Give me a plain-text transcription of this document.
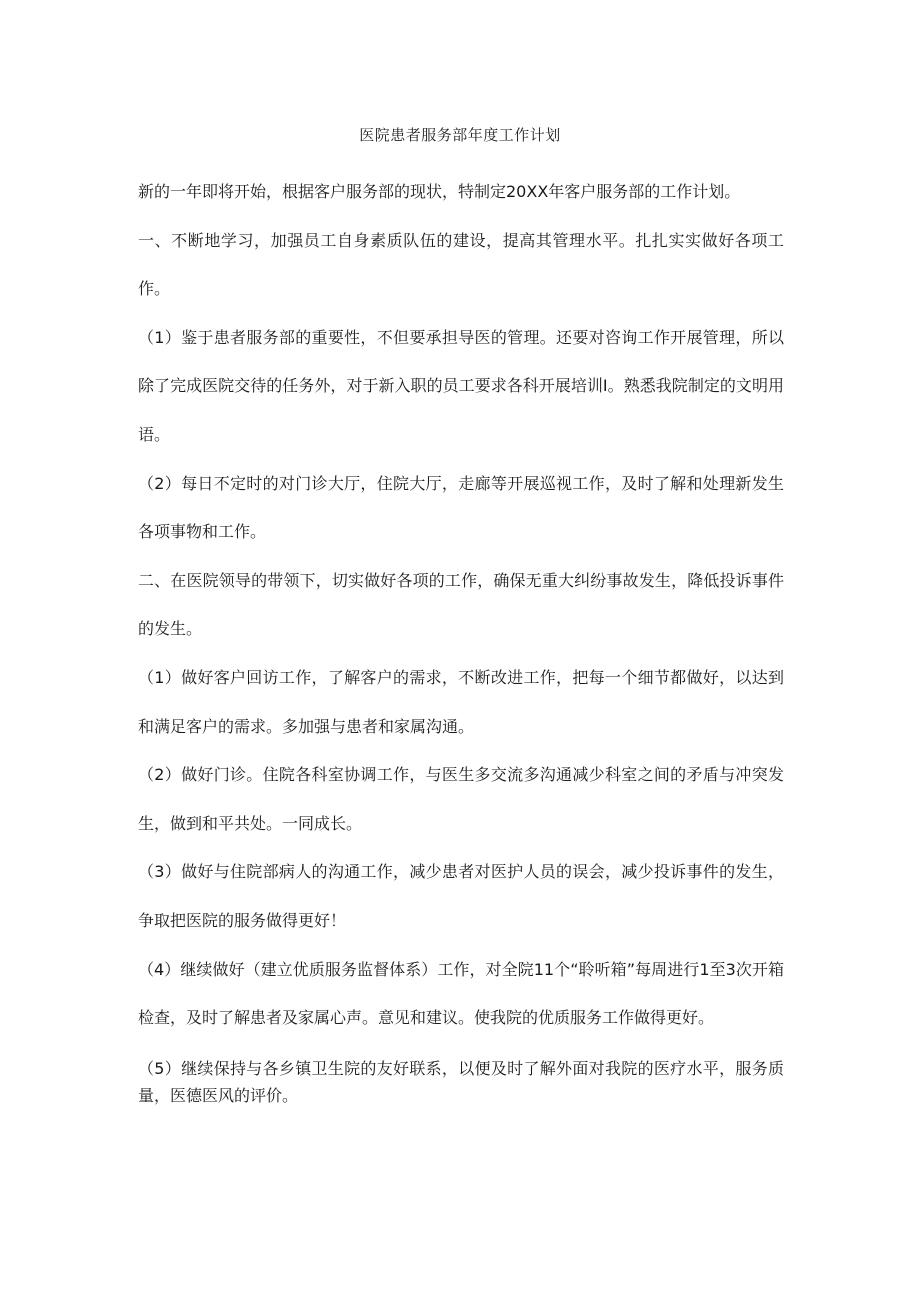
医院患者服务部年度工作计划

新的一年即将开始，根据客户服务部的现状，特制定20XX年客户服务部的工作计划。

一、不断地学习，加强员工自身素质队伍的建设，提高其管理水平。扎扎实实做好各项工作。

（1）鉴于患者服务部的重要性，不但要承担导医的管理。还要对咨询工作开展管理，所以除了完成医院交待的任务外，对于新入职的员工要求各科开展培训I。熟悉我院制定的文明用语。

（2）每日不定时的对门诊大厅，住院大厅，走廊等开展巡视工作，及时了解和处理新发生各项事物和工作。

二、在医院领导的带领下，切实做好各项的工作，确保无重大纠纷事故发生，降低投诉事件的发生。

（1）做好客户回访工作，了解客户的需求，不断改进工作，把每一个细节都做好，以达到和满足客户的需求。多加强与患者和家属沟通。

（2）做好门诊。住院各科室协调工作，与医生多交流多沟通减少科室之间的矛盾与冲突发生，做到和平共处。一同成长。

（3）做好与住院部病人的沟通工作，减少患者对医护人员的误会，减少投诉事件的发生，争取把医院的服务做得更好！

（4）继续做好（建立优质服务监督体系）工作，对全院11个“聆听箱”每周进行1至3次开箱检查，及时了解患者及家属心声。意见和建议。使我院的优质服务工作做得更好。

（5）继续保持与各乡镇卫生院的友好联系，以便及时了解外面对我院的医疗水平，服务质量，医德医风的评价。
